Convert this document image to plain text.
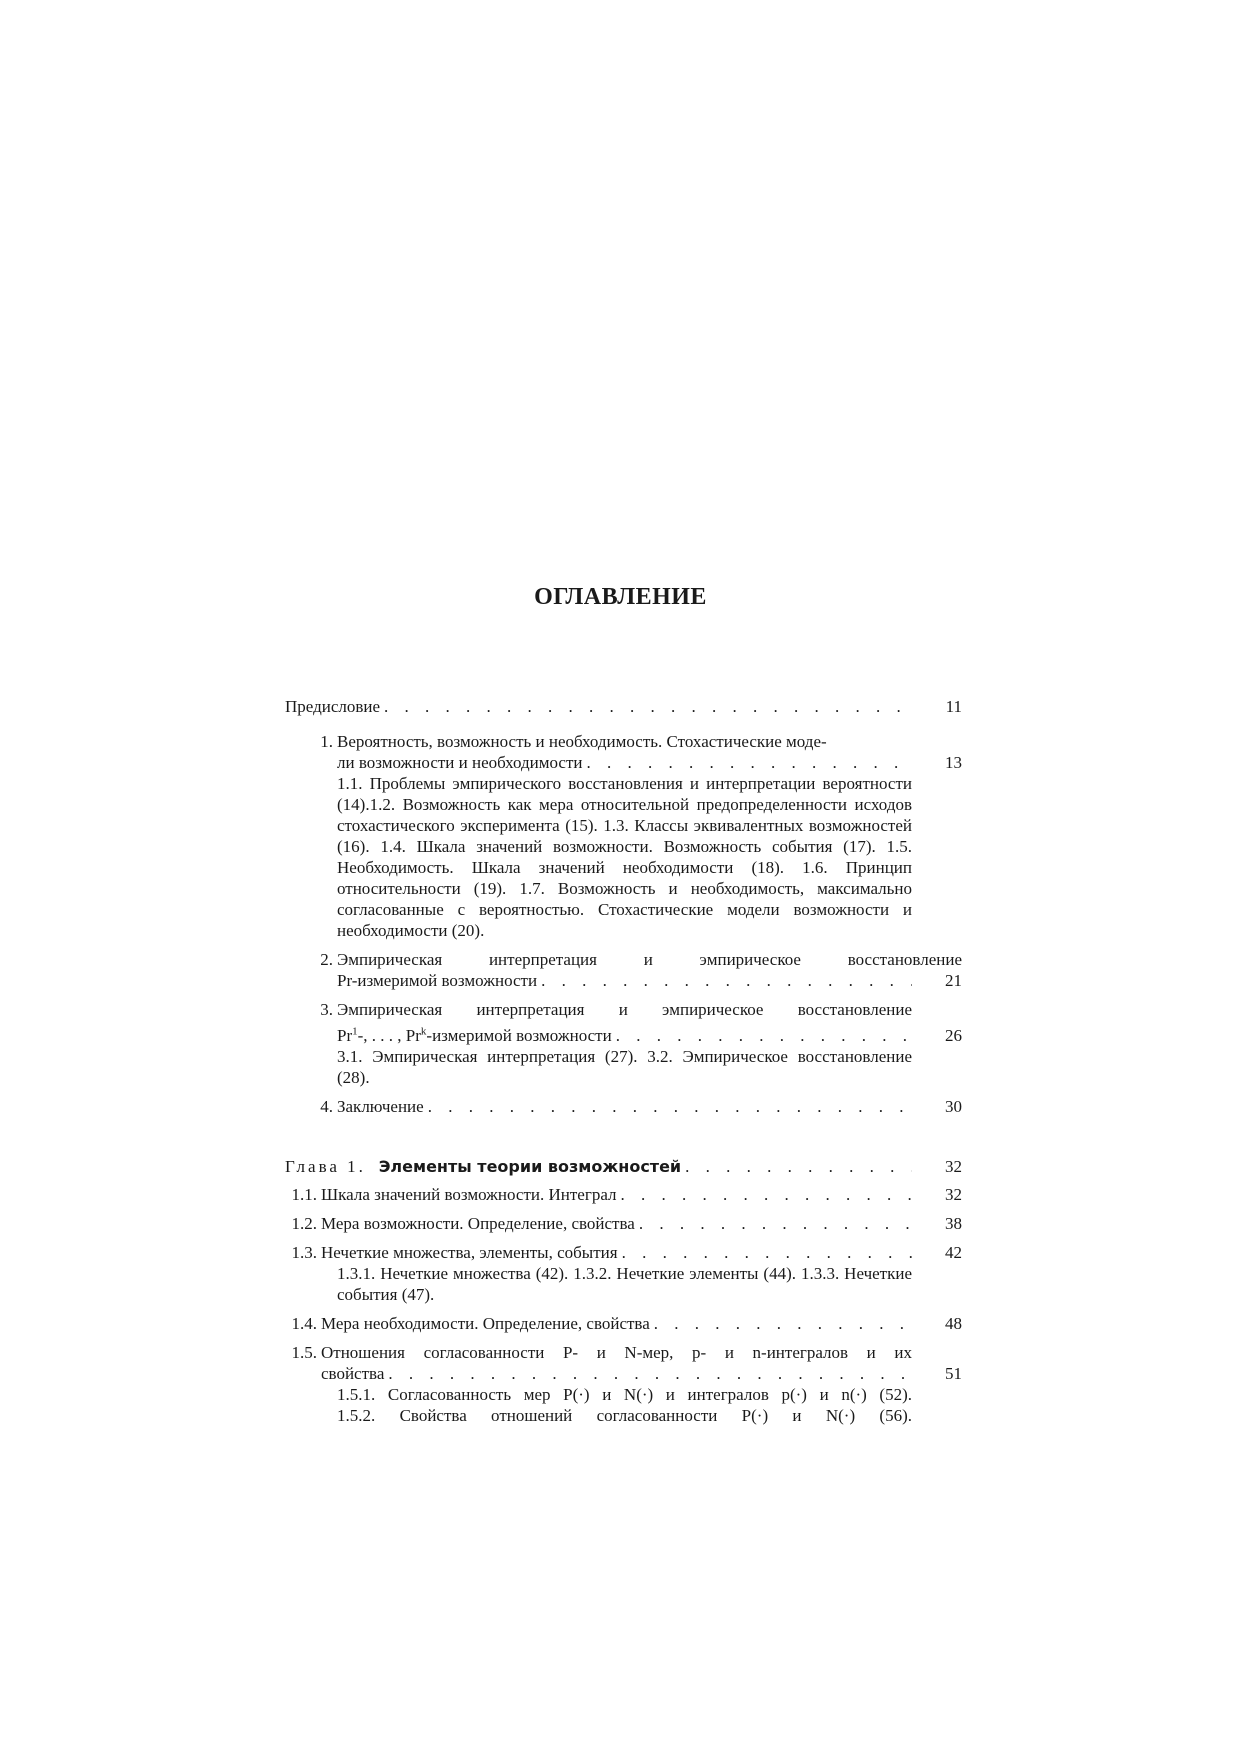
ОГЛАВЛЕНИЕ
Предисловие . . .	11
1. Вероятность, возможность и необходимость. Стохастические моде-
ли возможности и необходимости . . .	13
1.1. Проблемы эмпирического восстановления и интерпретации вероятности (14).1.2. Возможность как мера относительной предопределенности исходов стохастического эксперимента (15). 1.3. Классы эквивалентных возможностей (16). 1.4. Шкала значений возможности. Возможность события (17). 1.5. Необходимость. Шкала значений необходимости (18). 1.6. Принцип относительности (19). 1.7. Возможность и необходимость, максимально согласованные с вероятностью. Стохастические модели возможности и необходимости (20).
2. Эмпирическая интерпретация и эмпирическое восстановление
Pr-измеримой возможности . . .	21
3. Эмпирическая интерпретация и эмпирическое восстановление
Pr$^1$-, . . . , Pr$^k$-измеримой возможности . . .	26
3.1. Эмпирическая интерпретация (27). 3.2. Эмпирическое восстановление (28).
4. Заключение . . .	30
Глава 1. Элементы теории возможностей . . .	32
1.1. Шкала значений возможности. Интеграл . . .	32
1.2. Мера возможности. Определение, свойства . . .	38
1.3. Нечеткие множества, элементы, события . . .	42
1.3.1. Нечеткие множества (42). 1.3.2. Нечеткие элементы (44). 1.3.3. Нечеткие события (47).
1.4. Мера необходимости. Определение, свойства . . .	48
1.5. Отношения согласованности P- и N-мер, p- и n-интегралов и их
свойства . . .	51
1.5.1. Согласованность мер P(·) и N(·) и интегралов p(·) и n(·) (52).
1.5.2. Свойства отношений согласованности P(·) и N(·) (56).
